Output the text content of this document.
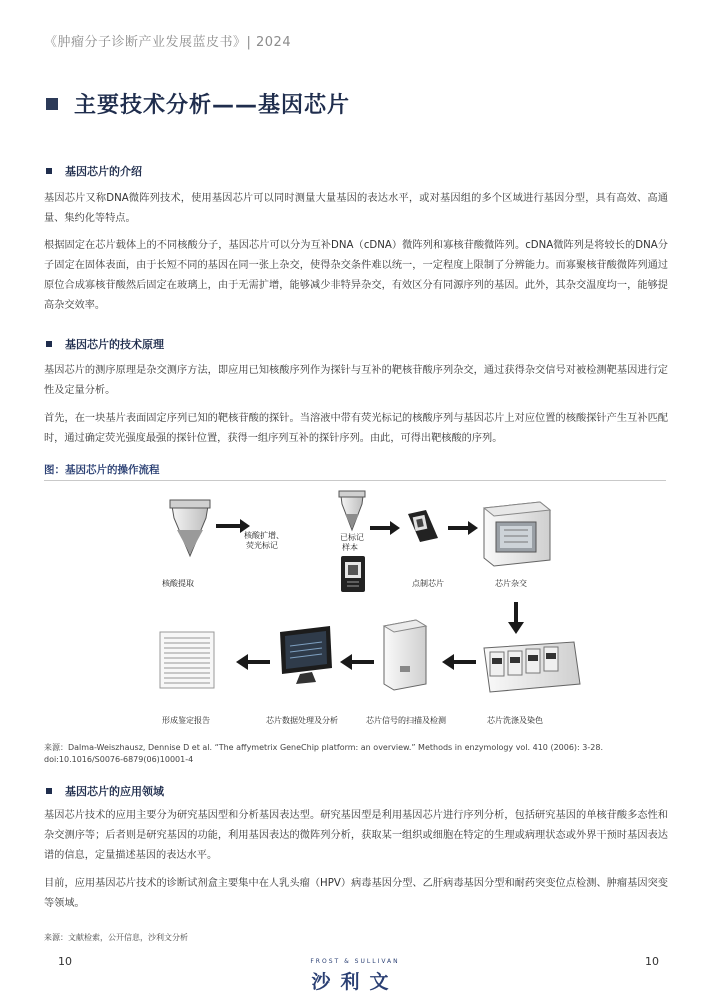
《肿瘤分子诊断产业发展蓝皮书》| 2024
主要技术分析——基因芯片
基因芯片的介绍

基因芯片又称DNA微阵列技术，使用基因芯片可以同时测量大量基因的表达水平，或对基因组的多个区域进行基因分型，具有高效、高通量、集约化等特点。

根据固定在芯片载体上的不同核酸分子，基因芯片可以分为互补DNA（cDNA）微阵列和寡核苷酸微阵列。cDNA微阵列是将较长的DNA分子固定在固体表面，由于长短不同的基因在同一张上杂交，使得杂交条件难以统一，一定程度上限制了分辨能力。而寡聚核苷酸微阵列通过原位合成寡核苷酸然后固定在玻璃上，由于无需扩增，能够减少非特异杂交，有效区分有同源序列的基因。此外，其杂交温度均一，能够提高杂交效率。

基因芯片的技术原理

基因芯片的测序原理是杂交测序方法，即应用已知核酸序列作为探针与互补的靶核苷酸序列杂交，通过获得杂交信号对被检测靶基因进行定性及定量分析。

首先，在一块基片表面固定序列已知的靶核苷酸的探针。当溶液中带有荧光标记的核酸序列与基因芯片上对应位置的核酸探针产生互补匹配时，通过确定荧光强度最强的探针位置，获得一组序列互补的探针序列。由此，可得出靶核酸的序列。

图：基因芯片的操作流程
核酸提取
核酸扩增、
荧光标记
已标记
样本
点制芯片	芯片杂交
形成鉴定报告	芯片数据处理及分析	芯片信号的扫描及检测	芯片洗涤及染色
来源：Dalma-Weiszhausz, Dennise D et al. “The affymetrix GeneChip platform: an overview.” Methods in enzymology vol. 410 (2006): 3-28. doi:10.1016/S0076-6879(06)10001-4
基因芯片的应用领域

基因芯片技术的应用主要分为研究基因型和分析基因表达型。研究基因型是利用基因芯片进行序列分析，包括研究基因的单核苷酸多态性和杂交测序等；后者则是研究基因的功能，利用基因表达的微阵列分析，获取某一组织或细胞在特定的生理或病理状态或外界干预时基因表达谱的信息，定量描述基因的表达水平。

目前，应用基因芯片技术的诊断试剂盒主要集中在人乳头瘤（HPV）病毒基因分型、乙肝病毒基因分型和耐药突变位点检测、肿瘤基因突变等领域。

来源：文献检索，公开信息，沙利文分析
10	10
FROST & SULLIVAN
沙利文
